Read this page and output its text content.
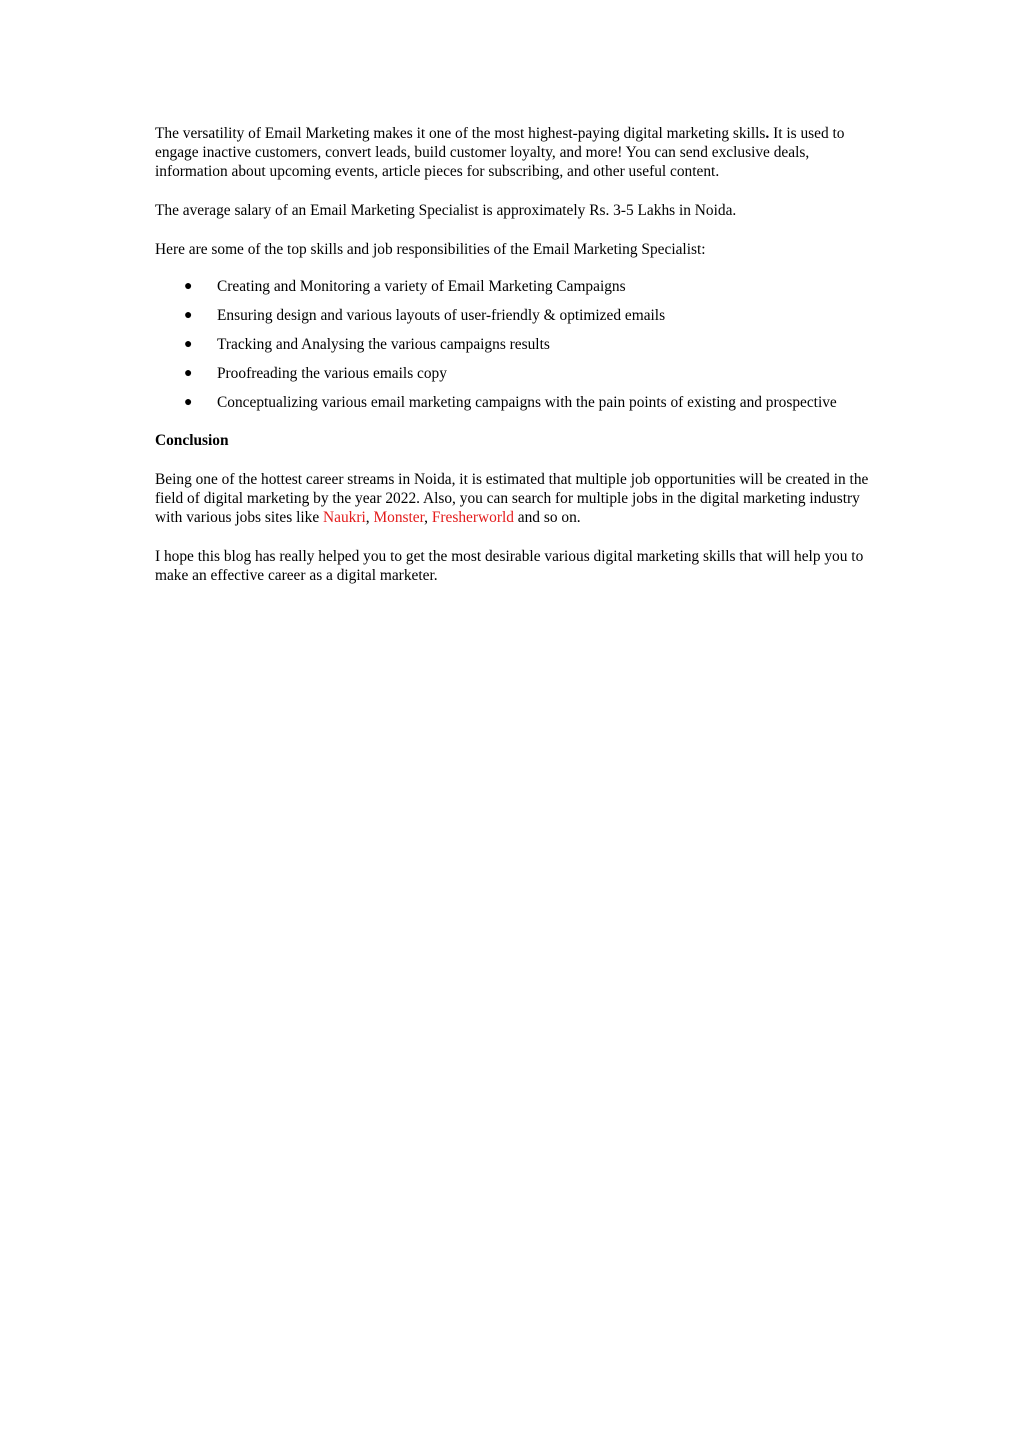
The versatility of Email Marketing makes it one of the most highest-paying digital marketing skills. It is used to engage inactive customers, convert leads, build customer loyalty, and more! You can send exclusive deals, information about upcoming events, article pieces for subscribing, and other useful content.

The average salary of an Email Marketing Specialist is approximately Rs. 3-5 Lakhs in Noida.

Here are some of the top skills and job responsibilities of the Email Marketing Specialist:

● Creating and Monitoring a variety of Email Marketing Campaigns
● Ensuring design and various layouts of user-friendly & optimized emails
● Tracking and Analysing the various campaigns results
● Proofreading the various emails copy
● Conceptualizing various email marketing campaigns with the pain points of existing and prospective
Conclusion

Being one of the hottest career streams in Noida, it is estimated that multiple job opportunities will be created in the field of digital marketing by the year 2022. Also, you can search for multiple jobs in the digital marketing industry with various jobs sites like Naukri, Monster, Fresherworld and so on.

I hope this blog has really helped you to get the most desirable various digital marketing skills that will help you to make an effective career as a digital marketer.
